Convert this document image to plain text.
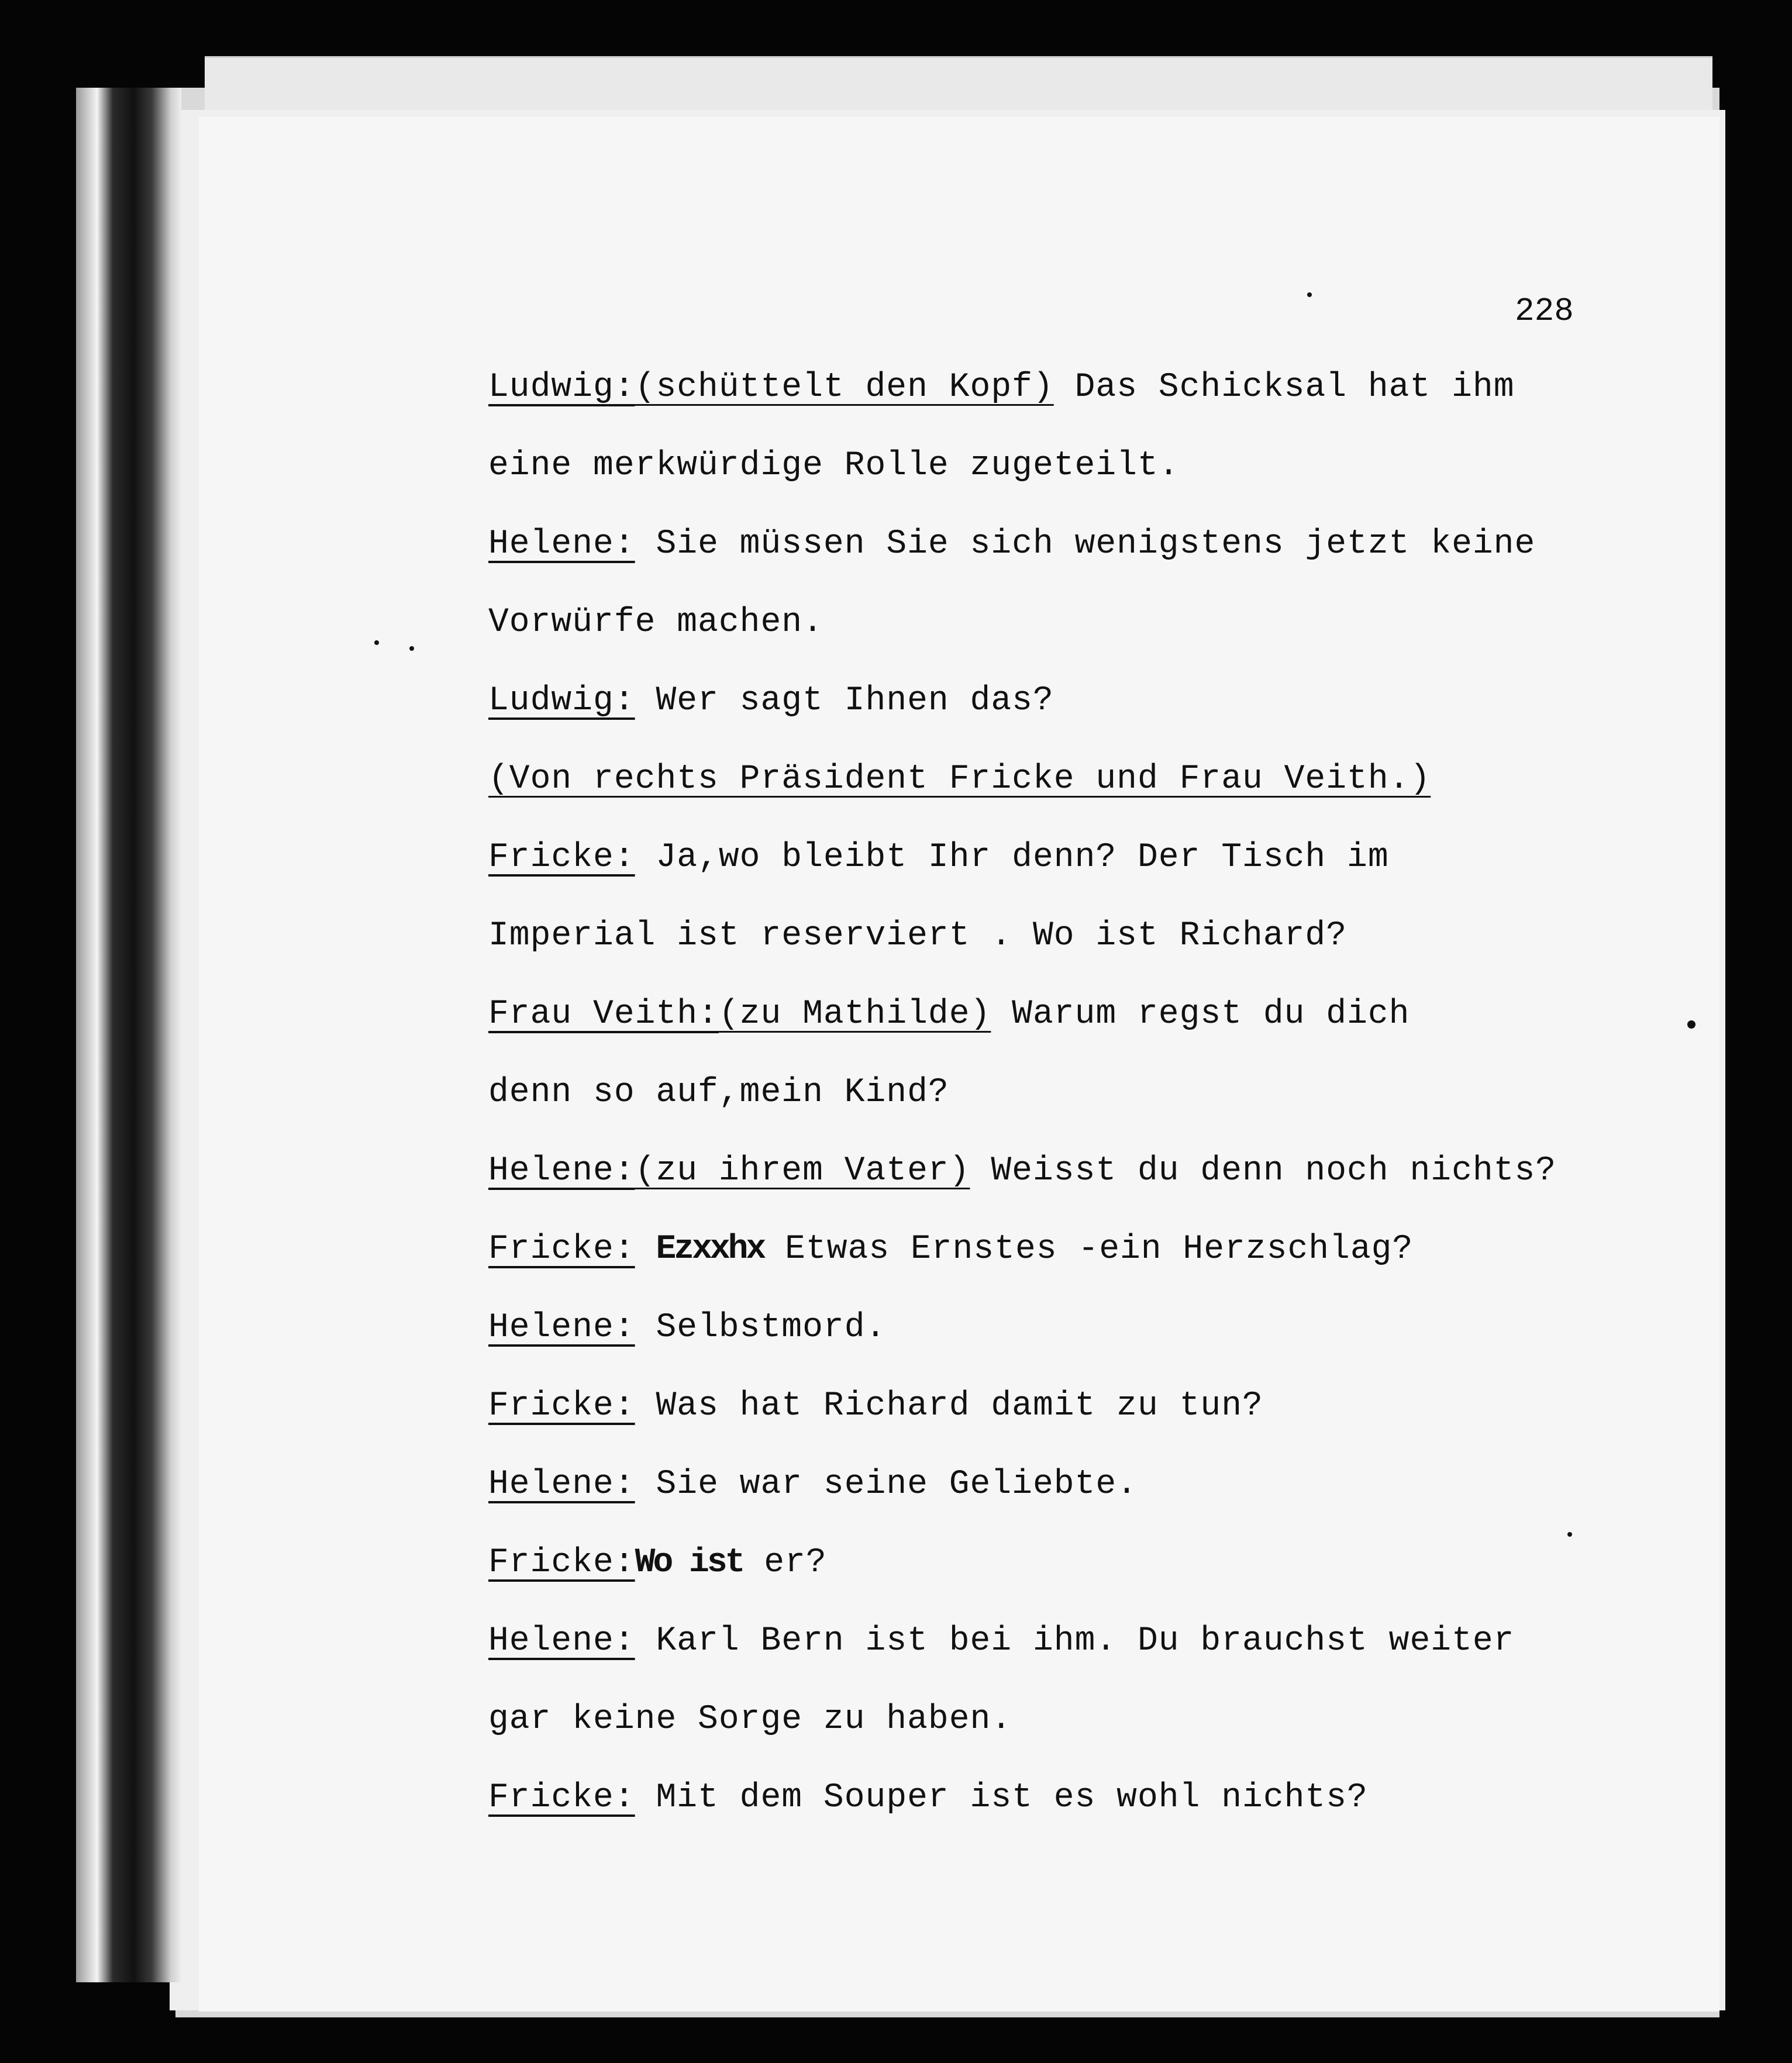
228
Ludwig:(schüttelt den Kopf) Das Schicksal hat ihm
eine merkwürdige Rolle zugeteilt.
Helene: Sie müssen Sie sich wenigstens jetzt keine
Vorwürfe machen.
Ludwig: Wer sagt Ihnen das?
(Von rechts Präsident Fricke und Frau Veith.)
Fricke: Ja,wo bleibt Ihr denn? Der Tisch im
Imperial ist reserviert . Wo ist Richard?
Frau Veith:(zu Mathilde) Warum regst du dich
denn so auf,mein Kind?
Helene:(zu ihrem Vater) Weisst du denn noch nichts?
Fricke: Ezxxhx Etwas Ernstes -ein Herzschlag?
Helene: Selbstmord.
Fricke: Was hat Richard damit zu tun?
Helene: Sie war seine Geliebte.
Fricke:Wo ist er?
Helene: Karl Bern ist bei ihm. Du brauchst weiter
gar keine Sorge zu haben.
Fricke: Mit dem Souper ist es wohl nichts?
